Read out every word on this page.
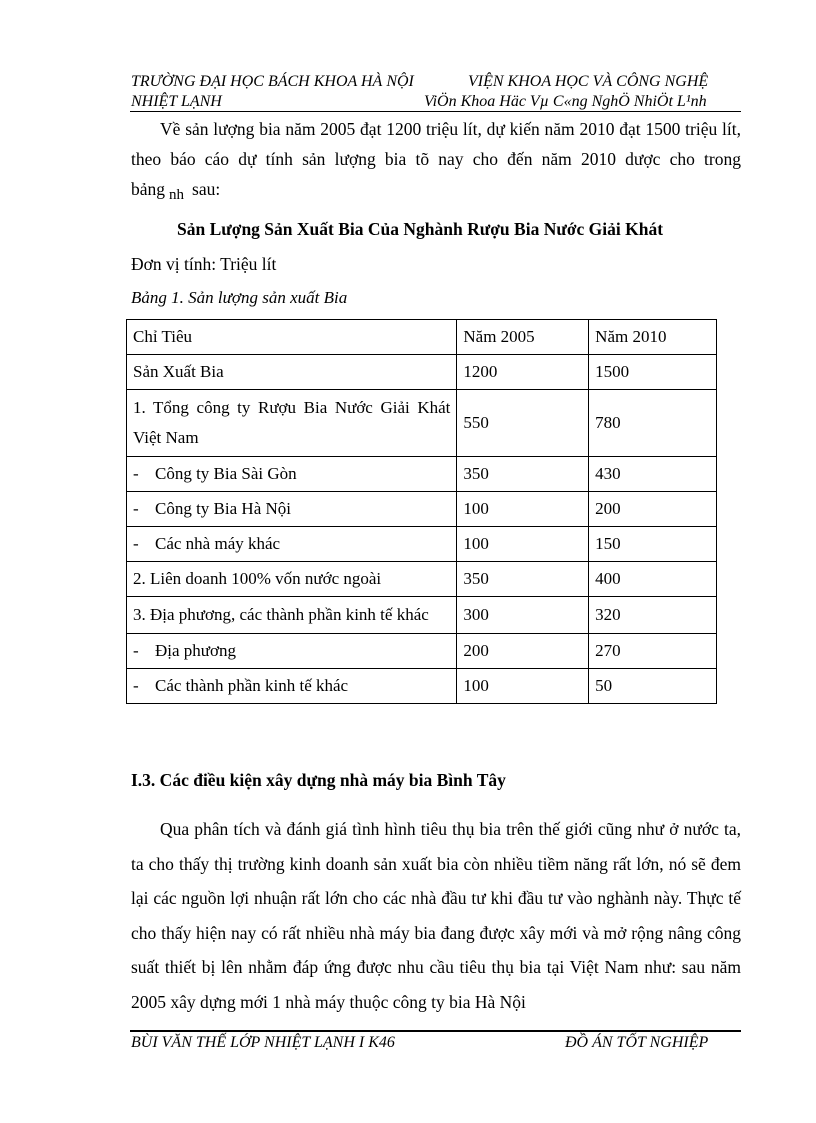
TRƯỜNG ĐẠI HỌC BÁCH KHOA HÀ NỘI
NHIỆT LẠNH
VIỆN KHOA HỌC VÀ CÔNG NGHỆ
ViÖn Khoa Häc Vµ C«ng NghÖ NhiÖt L¹nh

Về sản lượng bia năm 2005 đạt 1200 triệu lít, dự kiến năm 2010 đạt 1500 triệu lít, theo báo cáo dự tính sản lượng bia tõ nay cho đến năm 2010 dược cho trong bảng nh sau:

Sản Lượng Sản Xuất Bia Của Nghành Rượu Bia Nước Giải Khát
Đơn vị tính: Triệu lít
Bảng 1. Sản lượng sản xuất Bia
Chỉ Tiêu	Năm 2005	Năm 2010
Sản Xuất Bia	1200	1500
1. Tổng công ty Rượu Bia Nước Giải Khát Việt Nam	550	780
- Công ty Bia Sài Gòn	350	430
- Công ty Bia Hà Nội	100	200
- Các nhà máy khác	100	150
2. Liên doanh 100% vốn nước ngoài	350	400
3. Địa phương, các thành phần kinh tế khác	300	320
- Địa phương	200	270
- Các thành phần kinh tế khác	100	50
I.3. Các điều kiện xây dựng nhà máy bia Bình Tây

Qua phân tích và đánh giá tình hình tiêu thụ bia trên thế giới cũng như ở nước ta, ta cho thấy thị trường kinh doanh sản xuất bia còn nhiều tiềm năng rất lớn, nó sẽ đem lại các nguồn lợi nhuận rất lớn cho các nhà đầu tư khi đầu tư vào nghành này. Thực tế cho thấy hiện nay có rất nhiều nhà máy bia đang được xây mới và mở rộng nâng công suất thiết bị lên nhằm đáp ứng được nhu cầu tiêu thụ bia tại Việt Nam như: sau năm 2005 xây dựng mới 1 nhà máy thuộc công ty bia Hà Nội

BÙI VĂN THẾ LỚP NHIỆT LẠNH I K46	ĐỒ ÁN TỐT NGHIỆP
